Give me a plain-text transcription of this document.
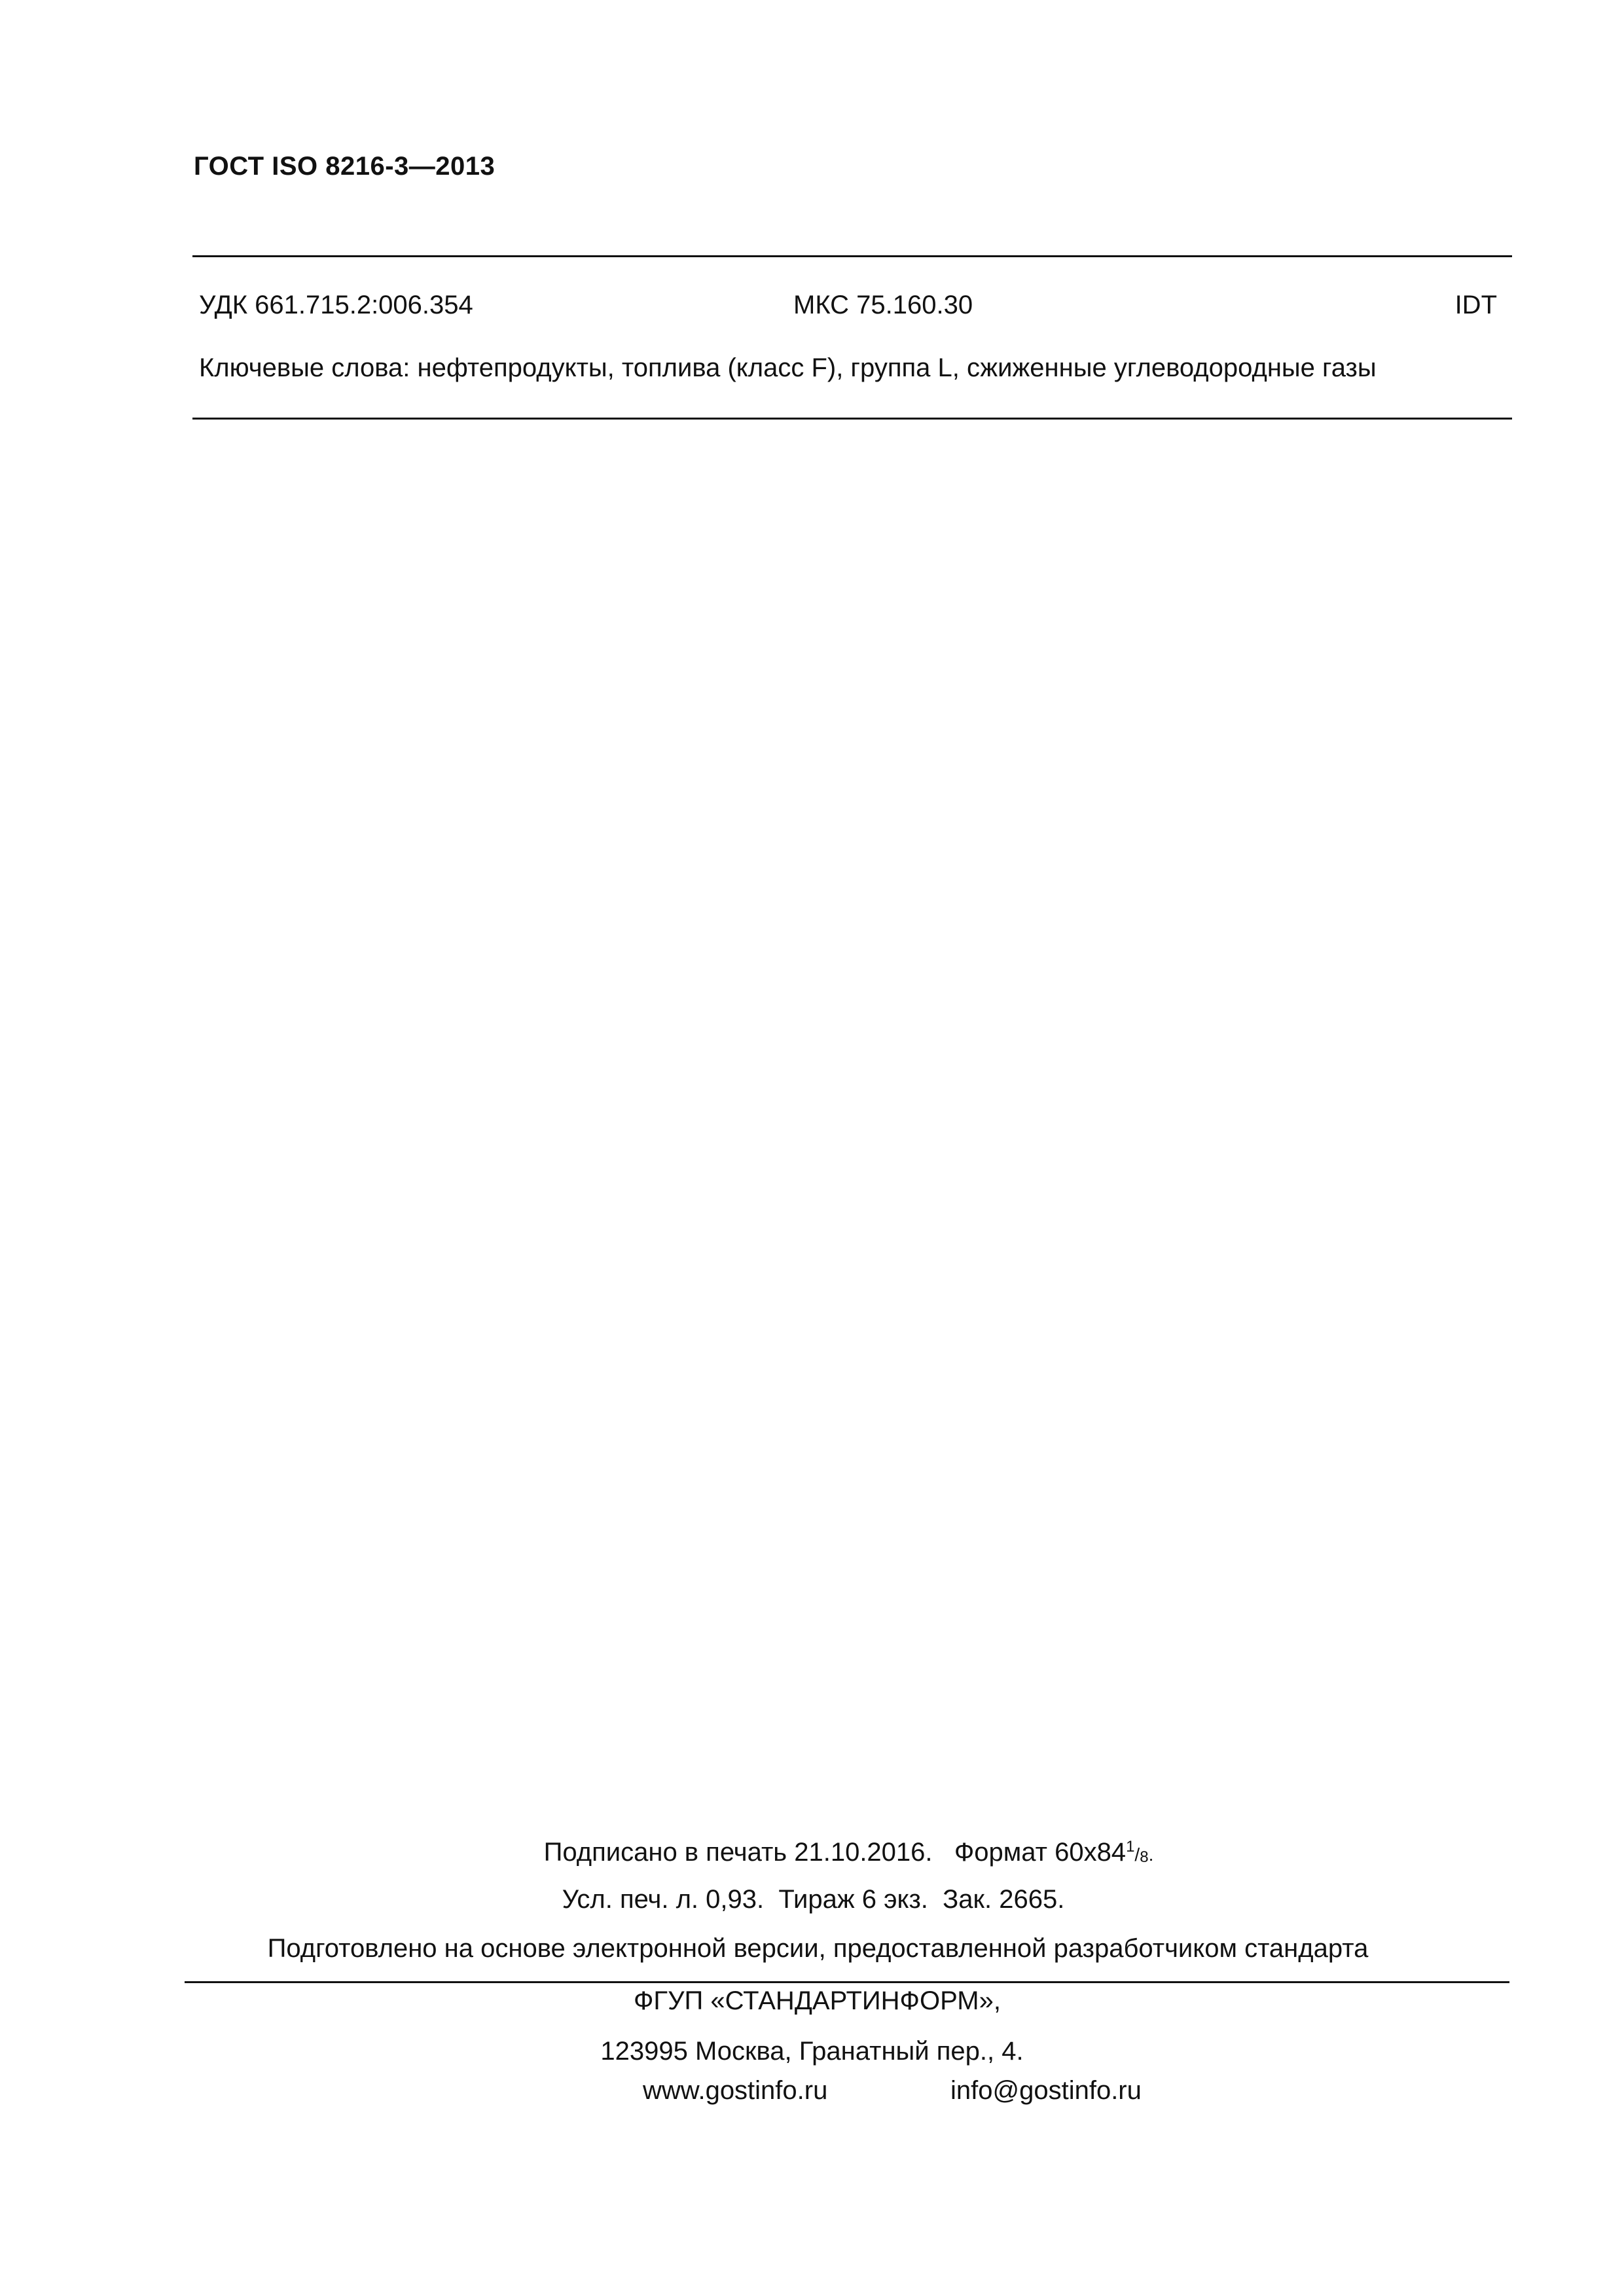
ГОСТ ISO 8216-3—2013
УДК 661.715.2:006.354	МКС 75.160.30	IDT
Ключевые слова: нефтепродукты, топлива (класс F), группа L, сжиженные углеводородные газы
Подписано в печать 21.10.2016.   Формат $60х84^1/_8$.
Усл. печ. л. 0,93.  Тираж 6 экз.  Зак. 2665.
Подготовлено на основе электронной версии, предоставленной разработчиком стандарта
ФГУП «СТАНДАРТИНФОРМ»,
123995 Москва, Гранатный пер., 4.
www.gostinfo.ru	info@gostinfo.ru
